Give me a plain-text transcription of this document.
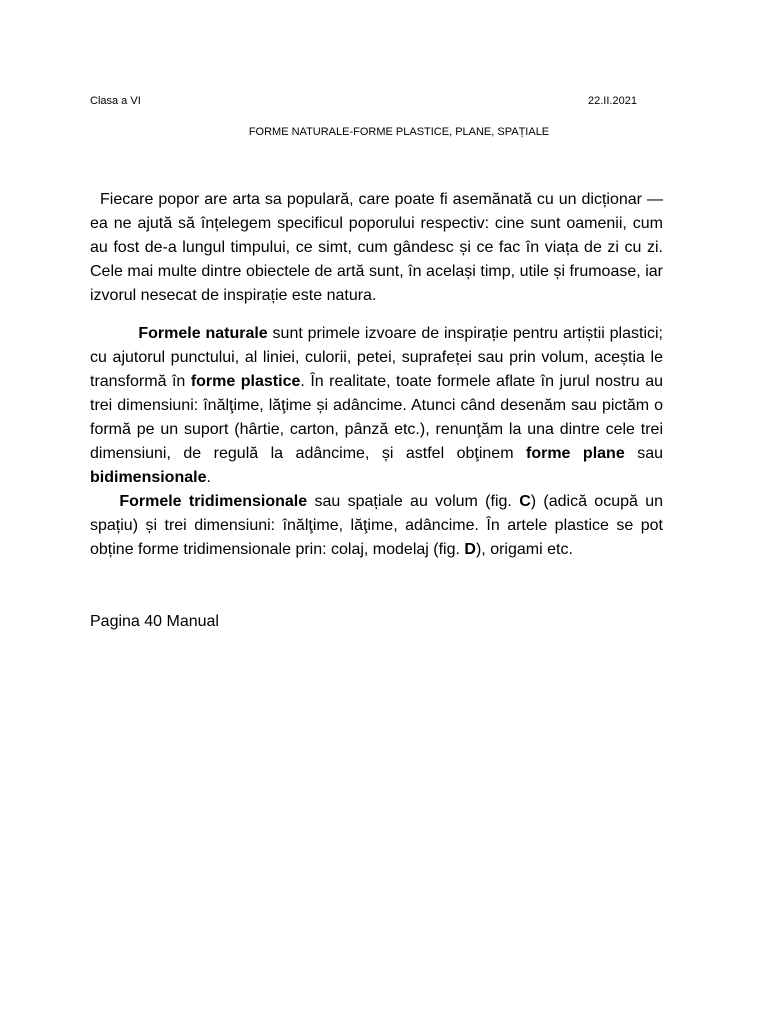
Clasa a VI	22.II.2021
FORME NATURALE-FORME PLASTICE, PLANE, SPAȚIALE

Fiecare popor are arta sa populară, care poate fi asemănată cu un dicționar — ea ne ajută să înțelegem specificul poporului respectiv: cine sunt oamenii, cum au fost de-a lungul timpului, ce simt, cum gândesc și ce fac în viața de zi cu zi. Cele mai multe dintre obiectele de artă sunt, în același timp, utile și frumoase, iar izvorul nesecat de inspirație este natura.

Formele naturale sunt primele izvoare de inspirație pentru artiștii plastici; cu ajutorul punctului, al liniei, culorii, petei, suprafeței sau prin volum, aceștia le transformă în forme plastice. În realitate, toate formele aflate în jurul nostru au trei dimensiuni: înălţime, lăţime și adâncime. Atunci când desenăm sau pictăm o formă pe un suport (hârtie, carton, pânză etc.), renunţăm la una dintre cele trei dimensiuni, de regulă la adâncime, și astfel obţinem forme plane sau bidimensionale.

Formele tridimensionale sau spațiale au volum (fig. C) (adică ocupă un spațiu) și trei dimensiuni: înălţime, lăţime, adâncime. În artele plastice se pot obține forme tridimensionale prin: colaj, modelaj (fig. D), origami etc.

Pagina 40 Manual
